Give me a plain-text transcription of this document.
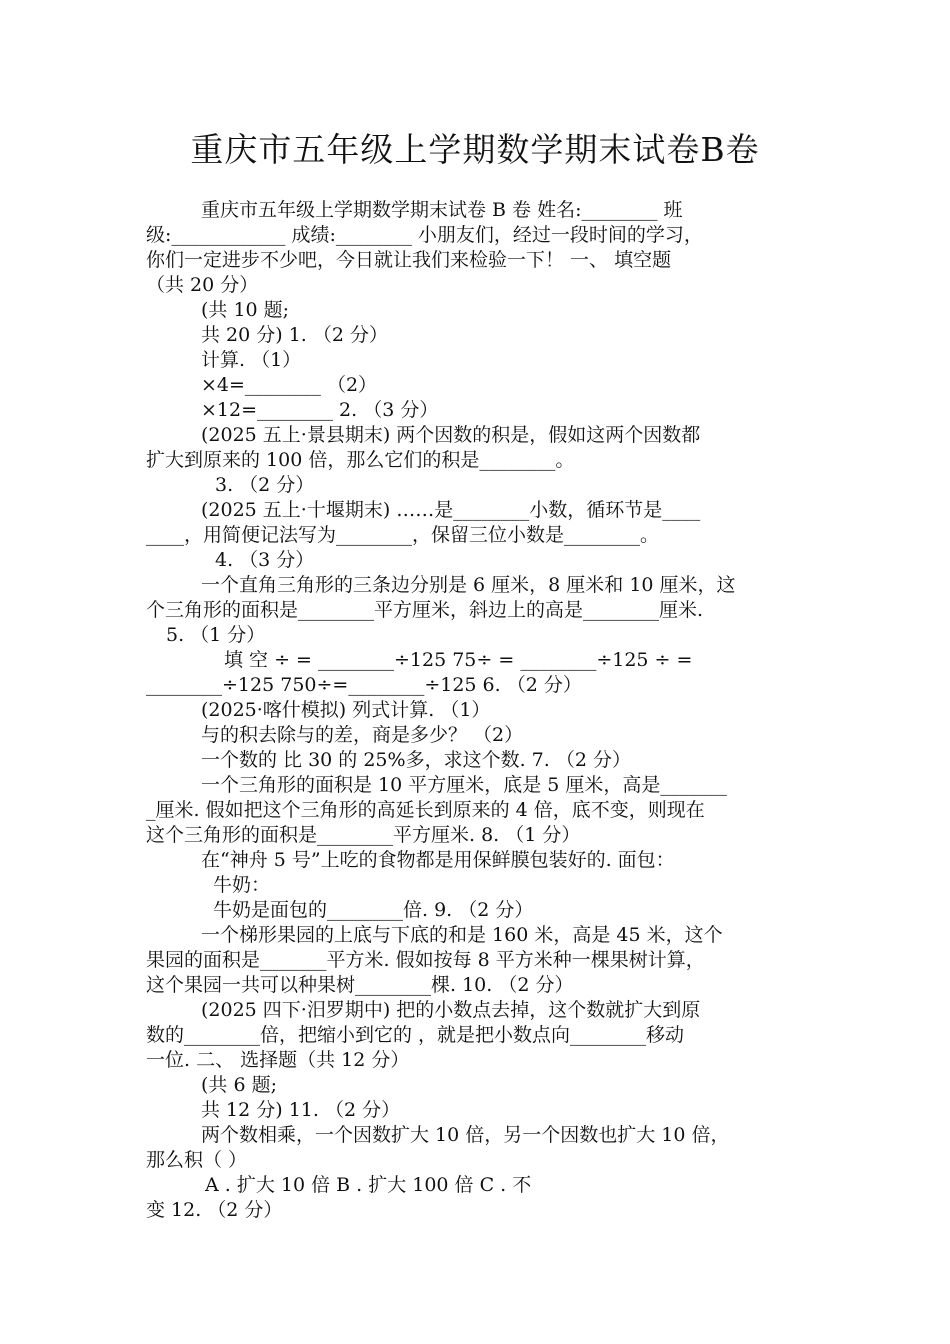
重庆市五年级上学期数学期末试卷B卷
重庆市五年级上学期数学期末试卷 B 卷 姓名:________ 班
级:____________ 成绩:________ 小朋友们，经过一段时间的学习，
你们一定进步不少吧，今日就让我们来检验一下！ 一、 填空题
（共 20 分）
(共 10 题;
共 20 分) 1. （2 分）
计算. （1）
×4=________ （2）
×12=________ 2. （3 分）
(2025 五上·景县期末) 两个因数的积是，假如这两个因数都
扩大到原来的 100 倍，那么它们的积是________。
3. （2 分）
(2025 五上·十堰期末) ……是________小数，循环节是____
____，用简便记法写为________，保留三位小数是________。
4. （3 分）
一个直角三角形的三条边分别是 6 厘米，8 厘米和 10 厘米，这
个三角形的面积是________平方厘米，斜边上的高是________厘米.
5. （1 分）
填 空 ÷ = ________÷125 75÷ = ________÷125 ÷ =
________÷125 750÷=________÷125 6. （2 分）
(2025·喀什模拟) 列式计算. （1）
与的积去除与的差，商是多少？ （2）
一个数的 比 30 的 25%多，求这个数. 7. （2 分）
一个三角形的面积是 10 平方厘米，底是 5 厘米，高是_______
_厘米. 假如把这个三角形的高延长到原来的 4 倍，底不变，则现在
这个三角形的面积是________平方厘米. 8. （1 分）
在“神舟 5 号”上吃的食物都是用保鲜膜包装好的. 面包：
牛奶：
牛奶是面包的________倍. 9. （2 分）
一个梯形果园的上底与下底的和是 160 米，高是 45 米，这个
果园的面积是_______平方米. 假如按每 8 平方米种一棵果树计算，
这个果园一共可以种果树________棵. 10. （2 分）
(2025 四下·汨罗期中) 把的小数点去掉，这个数就扩大到原
数的________倍，把缩小到它的 ，就是把小数点向________移动
一位. 二、 选择题（共 12 分）
(共 6 题;
共 12 分) 11. （2 分）
两个数相乘，一个因数扩大 10 倍，另一个因数也扩大 10 倍，
那么积（ ）
A . 扩大 10 倍 B . 扩大 100 倍 C . 不
变 12. （2 分）
